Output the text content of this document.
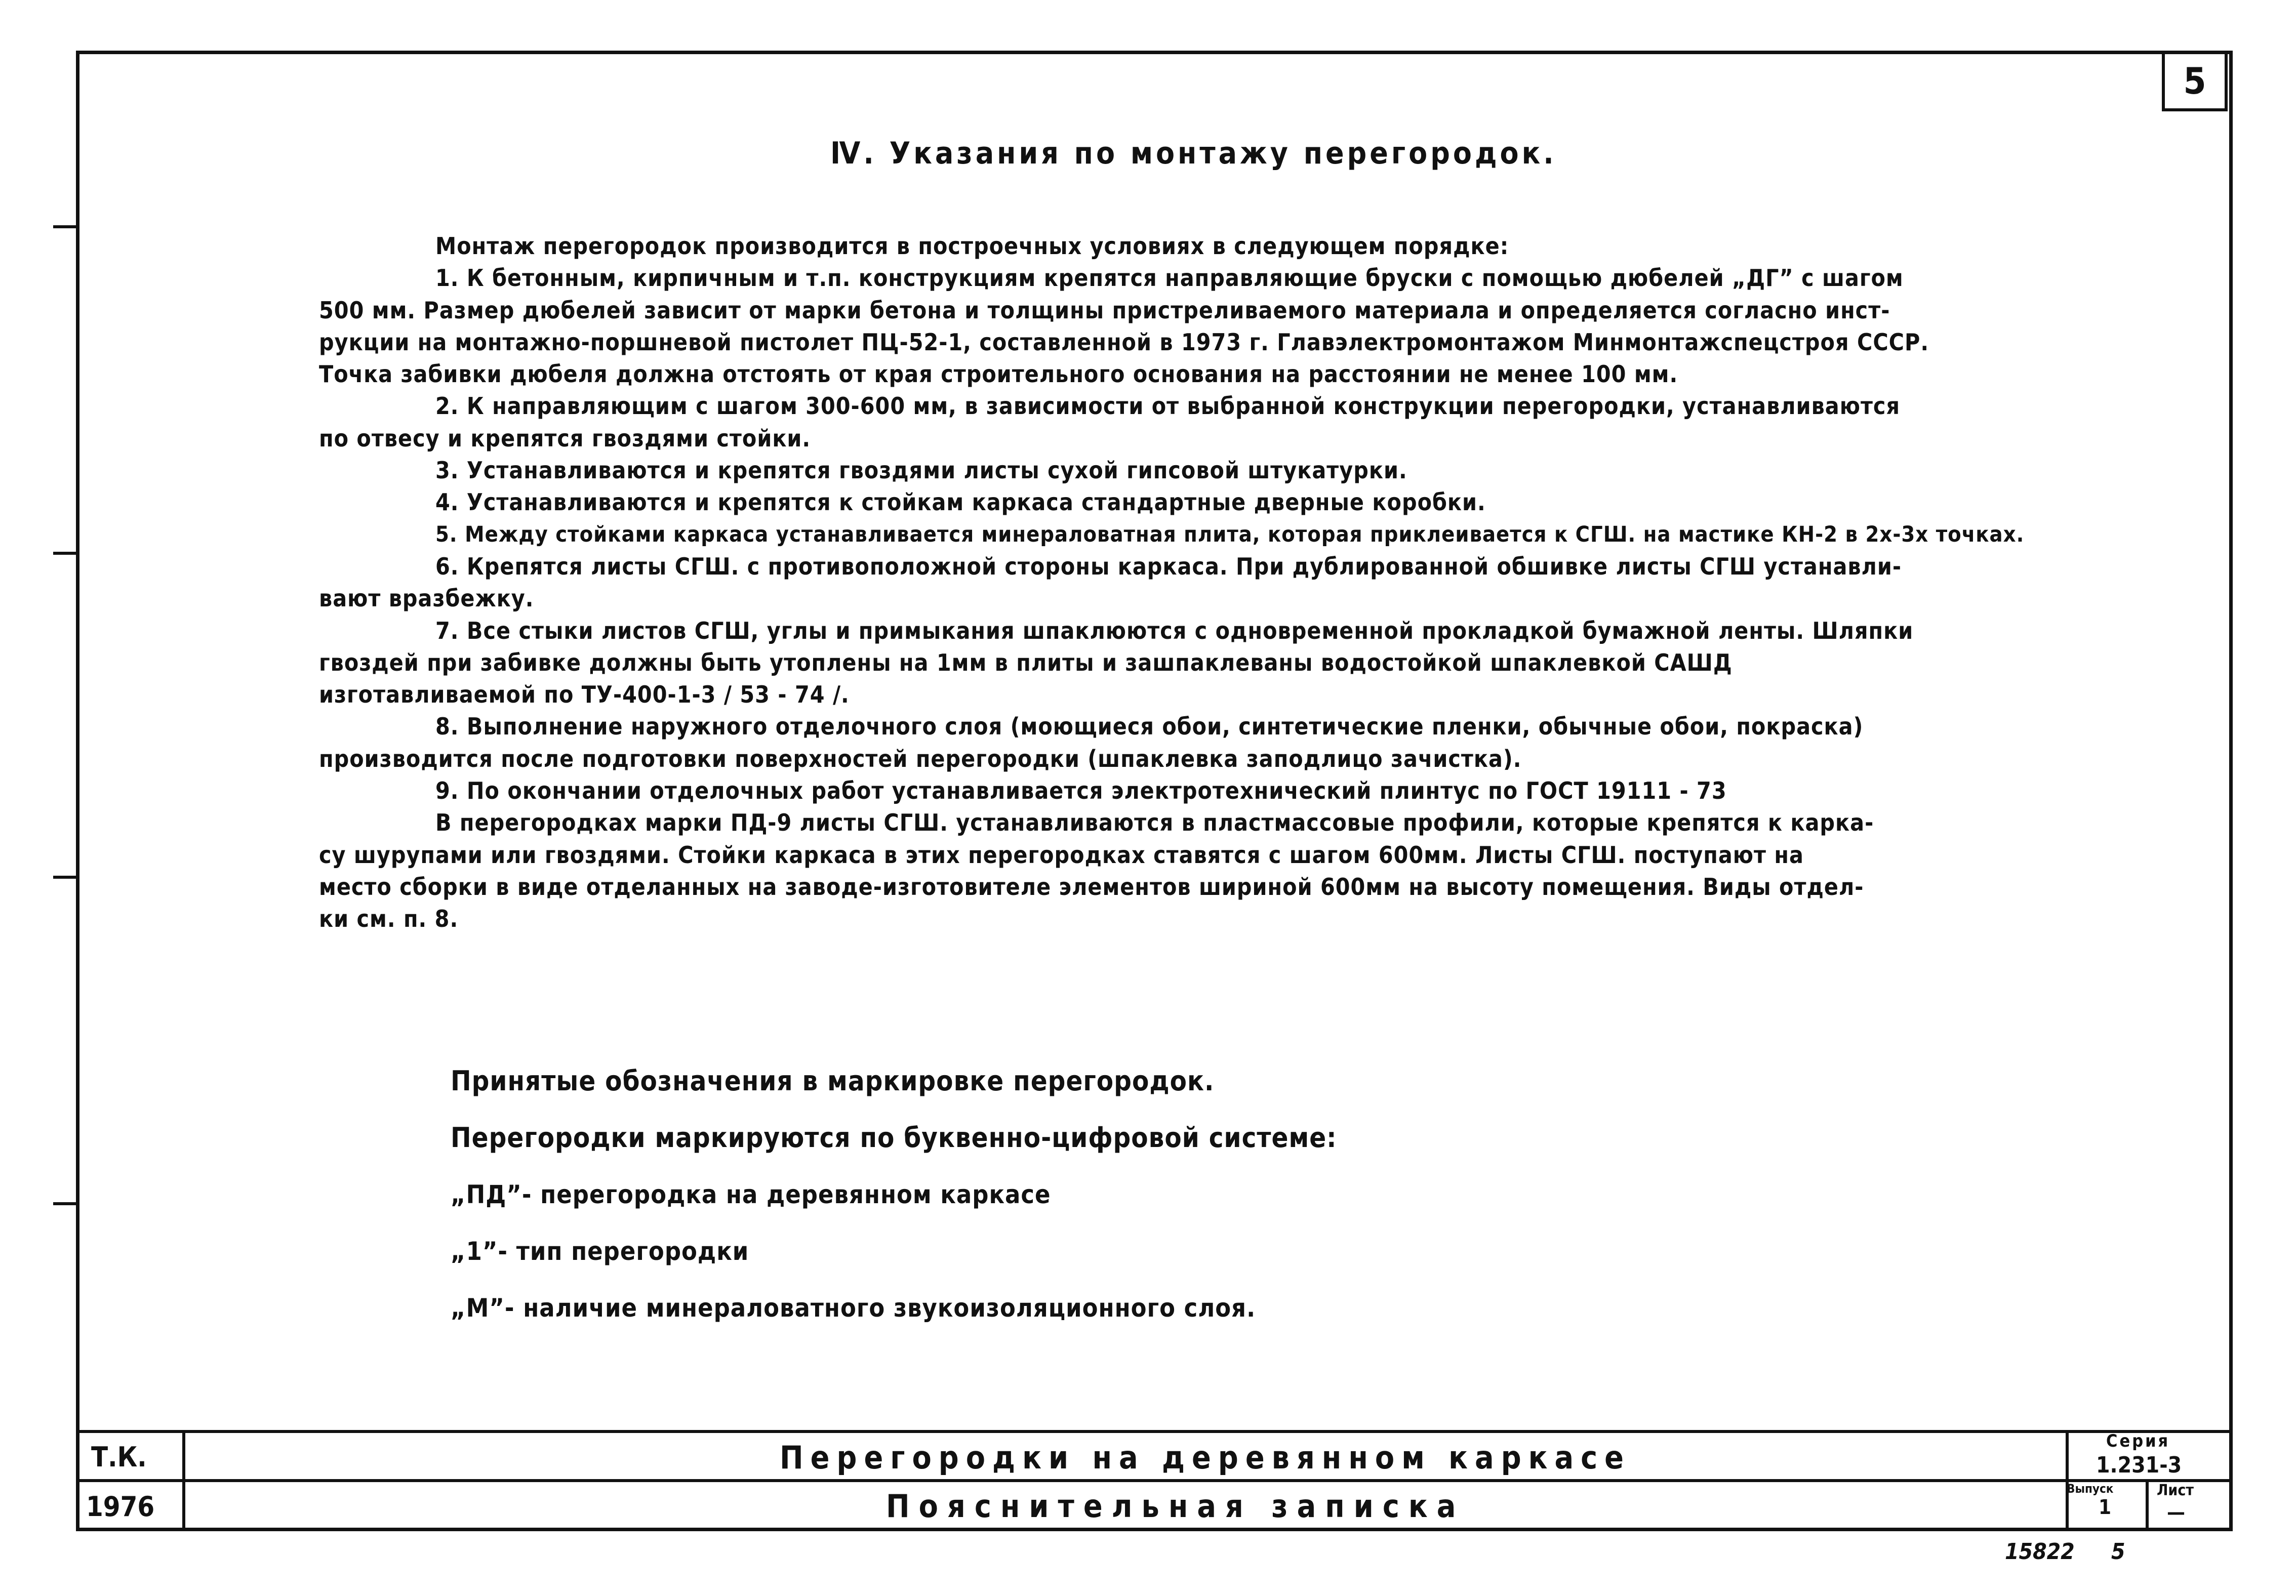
5
Ⅳ. Указания по монтажу перегородок.
Монтаж перегородок производится в построечных условиях в следующем порядке:
1. К бетонным, кирпичным и т.п. конструкциям крепятся направляющие бруски с помощью дюбелей „ДГ” с шагом
500 мм. Размер дюбелей зависит от марки бетона и толщины пристреливаемого материала и определяется согласно инст-
рукции на монтажно-поршневой пистолет ПЦ-52-1, составленной в 1973 г. Главэлектромонтажом Минмонтажспецстроя СССР.
Точка забивки дюбеля должна отстоять от края строительного основания на расстоянии не менее 100 мм.
2. К направляющим с шагом 300-600 мм, в зависимости от выбранной конструкции перегородки, устанавливаются
по отвесу и крепятся гвоздями стойки.
3. Устанавливаются и крепятся гвоздями листы сухой гипсовой штукатурки.
4. Устанавливаются и крепятся к стойкам каркаса стандартные дверные коробки.
5. Между стойками каркаса устанавливается минераловатная плита, которая приклеивается к СГШ. на мастике КН-2 в 2х-3х точках.
6. Крепятся листы СГШ. с противоположной стороны каркаса. При дублированной обшивке листы СГШ устанавли-
вают вразбежку.
7. Все стыки листов СГШ, углы и примыкания шпаклюются с одновременной прокладкой бумажной ленты. Шляпки
гвоздей при забивке должны быть утоплены на 1мм в плиты и зашпаклеваны водостойкой шпаклевкой САШД
изготавливаемой по ТУ-400-1-3 / 53 - 74 /.
8. Выполнение наружного отделочного слоя (моющиеся обои, синтетические пленки, обычные обои, покраска)
производится после подготовки поверхностей перегородки (шпаклевка заподлицо зачистка).
9. По окончании отделочных работ устанавливается электротехнический плинтус по ГОСТ 19111 - 73
В перегородках марки ПД-9 листы СГШ. устанавливаются в пластмассовые профили, которые крепятся к карка-
су шурупами или гвоздями. Стойки каркаса в этих перегородках ставятся с шагом 600мм. Листы СГШ. поступают на
место сборки в виде отделанных на заводе-изготовителе элементов шириной 600мм на высоту помещения. Виды отдел-
ки см. п. 8.
Принятые обозначения в маркировке перегородок.
Перегородки маркируются по буквенно-цифровой системе:
„ПД”- перегородка на деревянном каркасе
„1”- тип перегородки
„М”- наличие минераловатного звукоизоляционного слоя.
Т.К.
1976
Перегородки на деревянном каркасе
Пояснительная записка
Серия
1.231-3
Выпуск
1
Лист
—
15822 5
